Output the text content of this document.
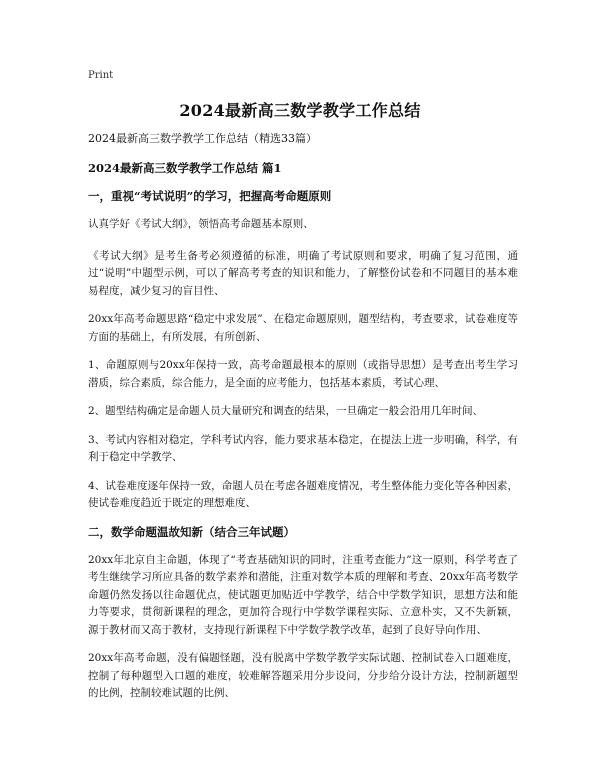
Print
2024最新高三数学教学工作总结
2024最新高三数学教学工作总结（精选33篇）
2024最新高三数学教学工作总结 篇1
一，重视“考试说明”的学习，把握高考命题原则
认真学好《考试大纲》，领悟高考命题基本原则、
《考试大纲》是考生备考必须遵循的标准，明确了考试原则和要求，明确了复习范围，通过“说明”中题型示例，可以了解高考考查的知识和能力，了解整份试卷和不同题目的基本难易程度，减少复习的盲目性、
20xx年高考命题思路“稳定中求发展”、在稳定命题原则，题型结构，考查要求，试卷难度等方面的基础上，有所发展，有所创新、
1、命题原则与20xx年保持一致，高考命题最根本的原则（或指导思想）是考查出考生学习潜质，综合素质，综合能力，是全面的应考能力，包括基本素质，考试心理、
2、题型结构确定是命题人员大量研究和调查的结果，一旦确定一般会沿用几年时间、
3、考试内容相对稳定，学科考试内容，能力要求基本稳定，在提法上进一步明确，科学，有利于稳定中学教学、
4、试卷难度逐年保持一致，命题人员在考虑各题难度情况，考生整体能力变化等各种因素，使试卷难度趋近于既定的理想难度、
二，数学命题温故知新（结合三年试题）
20xx年北京自主命题，体现了“考查基础知识的同时，注重考查能力”这一原则，科学考查了考生继续学习所应具备的数学素养和潜能，注重对数学本质的理解和考查、20xx年高考数学命题仍然发扬以往命题优点，使试题更加贴近中学教学，结合中学数学知识，思想方法和能力等要求，贯彻新课程的理念，更加符合现行中学数学课程实际、立意朴实，又不失新颖，源于教材而又高于教材，支持现行新课程下中学数学教学改革，起到了良好导向作用、
20xx年高考命题，没有偏题怪题，没有脱离中学数学教学实际试题、控制试卷入口题难度，控制了每种题型入口题的难度，较难解答题采用分步设问，分步给分设计方法，控制新题型的比例，控制较难试题的比例、
